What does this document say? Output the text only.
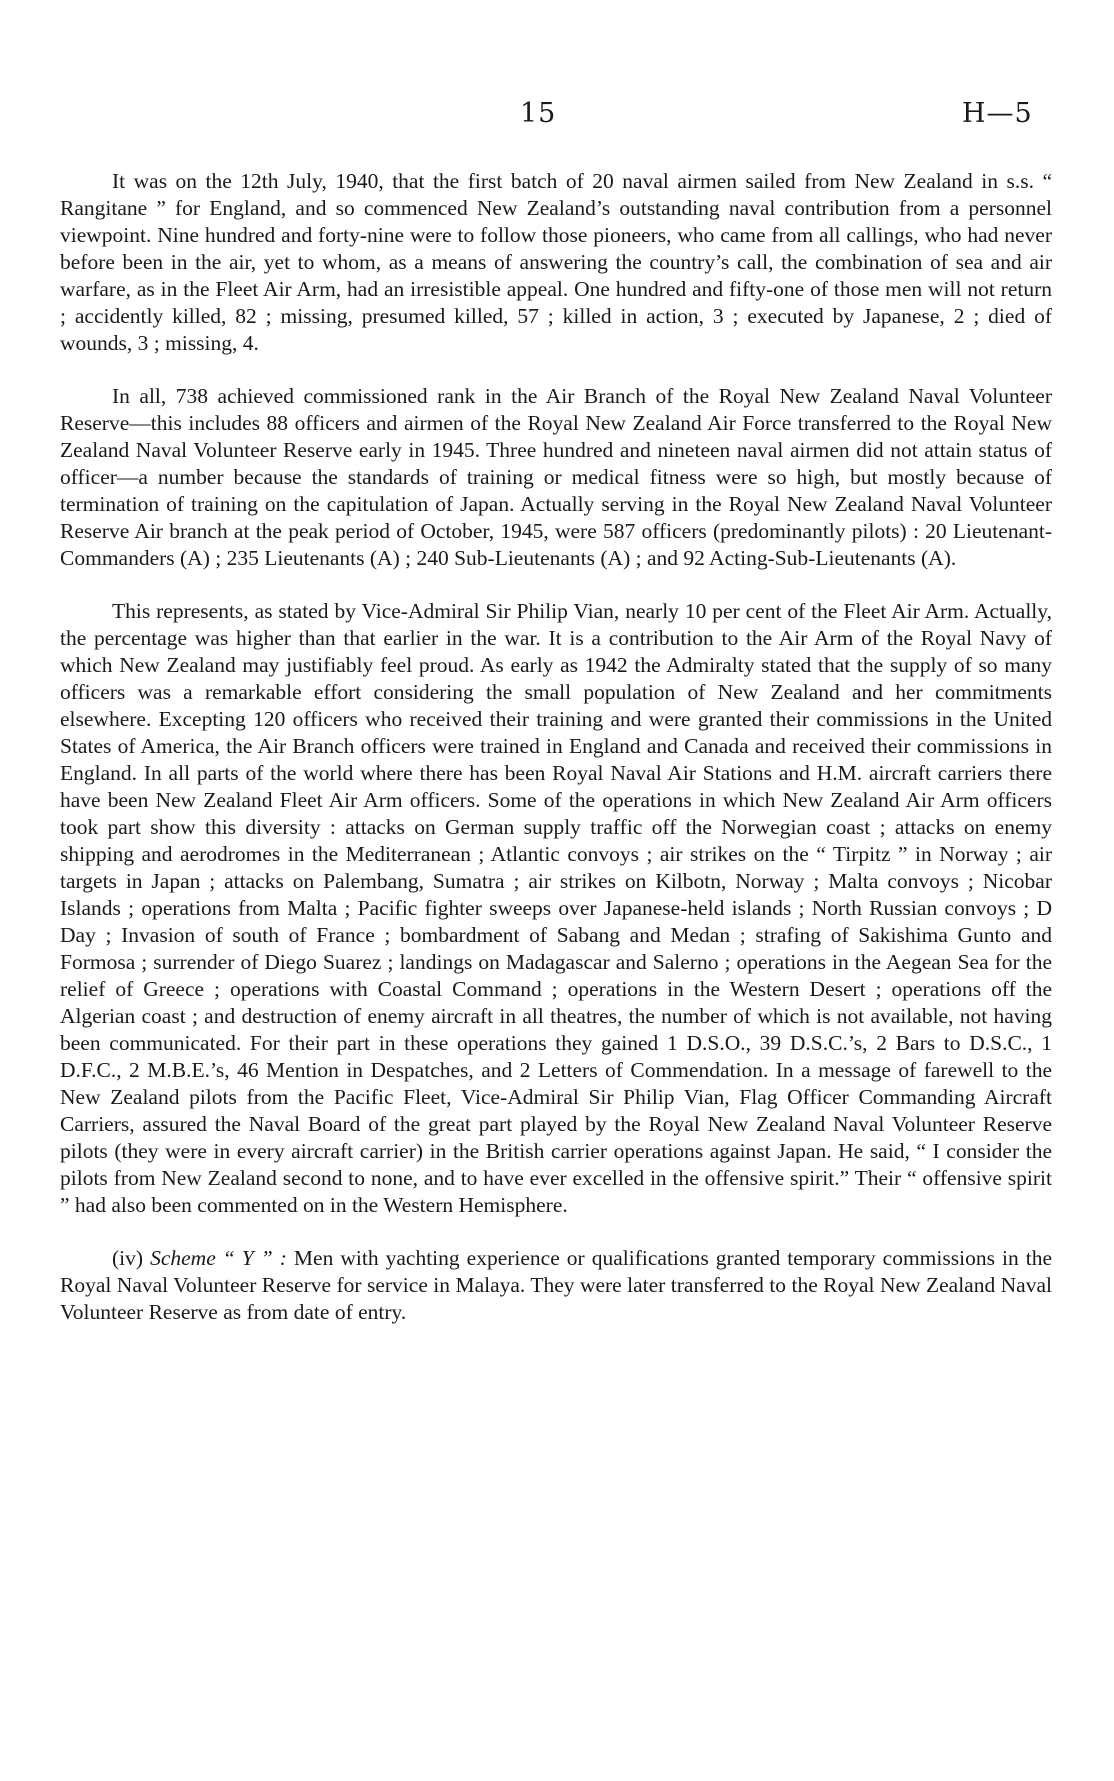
15	H—5

It was on the 12th July, 1940, that the first batch of 20 naval airmen sailed from New Zealand in s.s. “ Rangitane ” for England, and so commenced New Zealand’s outstanding naval contribution from a personnel viewpoint. Nine hundred and forty-nine were to follow those pioneers, who came from all callings, who had never before been in the air, yet to whom, as a means of answering the country’s call, the combination of sea and air warfare, as in the Fleet Air Arm, had an irresistible appeal. One hundred and fifty-one of those men will not return ; accidently killed, 82 ; missing, presumed killed, 57 ; killed in action, 3 ; executed by Japanese, 2 ; died of wounds, 3 ; missing, 4.

In all, 738 achieved commissioned rank in the Air Branch of the Royal New Zealand Naval Volunteer Reserve—this includes 88 officers and airmen of the Royal New Zealand Air Force transferred to the Royal New Zealand Naval Volunteer Reserve early in 1945. Three hundred and nineteen naval airmen did not attain status of officer—a number because the standards of training or medical fitness were so high, but mostly because of termination of training on the capitulation of Japan. Actually serving in the Royal New Zealand Naval Volunteer Reserve Air branch at the peak period of October, 1945, were 587 officers (predominantly pilots) : 20 Lieutenant-Commanders (A) ; 235 Lieutenants (A) ; 240 Sub-Lieutenants (A) ; and 92 Acting-Sub-Lieutenants (A).

This represents, as stated by Vice-Admiral Sir Philip Vian, nearly 10 per cent of the Fleet Air Arm. Actually, the percentage was higher than that earlier in the war. It is a contribution to the Air Arm of the Royal Navy of which New Zealand may justifiably feel proud. As early as 1942 the Admiralty stated that the supply of so many officers was a remarkable effort considering the small population of New Zealand and her commitments elsewhere. Excepting 120 officers who received their training and were granted their commissions in the United States of America, the Air Branch officers were trained in England and Canada and received their commissions in England. In all parts of the world where there has been Royal Naval Air Stations and H.M. aircraft carriers there have been New Zealand Fleet Air Arm officers. Some of the operations in which New Zealand Air Arm officers took part show this diversity : attacks on German supply traffic off the Norwegian coast ; attacks on enemy shipping and aerodromes in the Mediterranean ; Atlantic convoys ; air strikes on the “ Tirpitz ” in Norway ; air targets in Japan ; attacks on Palembang, Sumatra ; air strikes on Kilbotn, Norway ; Malta convoys ; Nicobar Islands ; operations from Malta ; Pacific fighter sweeps over Japanese-held islands ; North Russian convoys ; D Day ; Invasion of south of France ; bombardment of Sabang and Medan ; strafing of Sakishima Gunto and Formosa ; surrender of Diego Suarez ; landings on Madagascar and Salerno ; operations in the Aegean Sea for the relief of Greece ; operations with Coastal Command ; operations in the Western Desert ; operations off the Algerian coast ; and destruction of enemy aircraft in all theatres, the number of which is not available, not having been communicated. For their part in these operations they gained 1 D.S.O., 39 D.S.C.’s, 2 Bars to D.S.C., 1 D.F.C., 2 M.B.E.’s, 46 Mention in Despatches, and 2 Letters of Commendation. In a message of farewell to the New Zealand pilots from the Pacific Fleet, Vice-Admiral Sir Philip Vian, Flag Officer Commanding Aircraft Carriers, assured the Naval Board of the great part played by the Royal New Zealand Naval Volunteer Reserve pilots (they were in every aircraft carrier) in the British carrier operations against Japan. He said, “ I consider the pilots from New Zealand second to none, and to have ever excelled in the offensive spirit.” Their “ offensive spirit ” had also been commented on in the Western Hemisphere.

(iv) Scheme “ Y ” : Men with yachting experience or qualifications granted temporary commissions in the Royal Naval Volunteer Reserve for service in Malaya. They were later transferred to the Royal New Zealand Naval Volunteer Reserve as from date of entry.
